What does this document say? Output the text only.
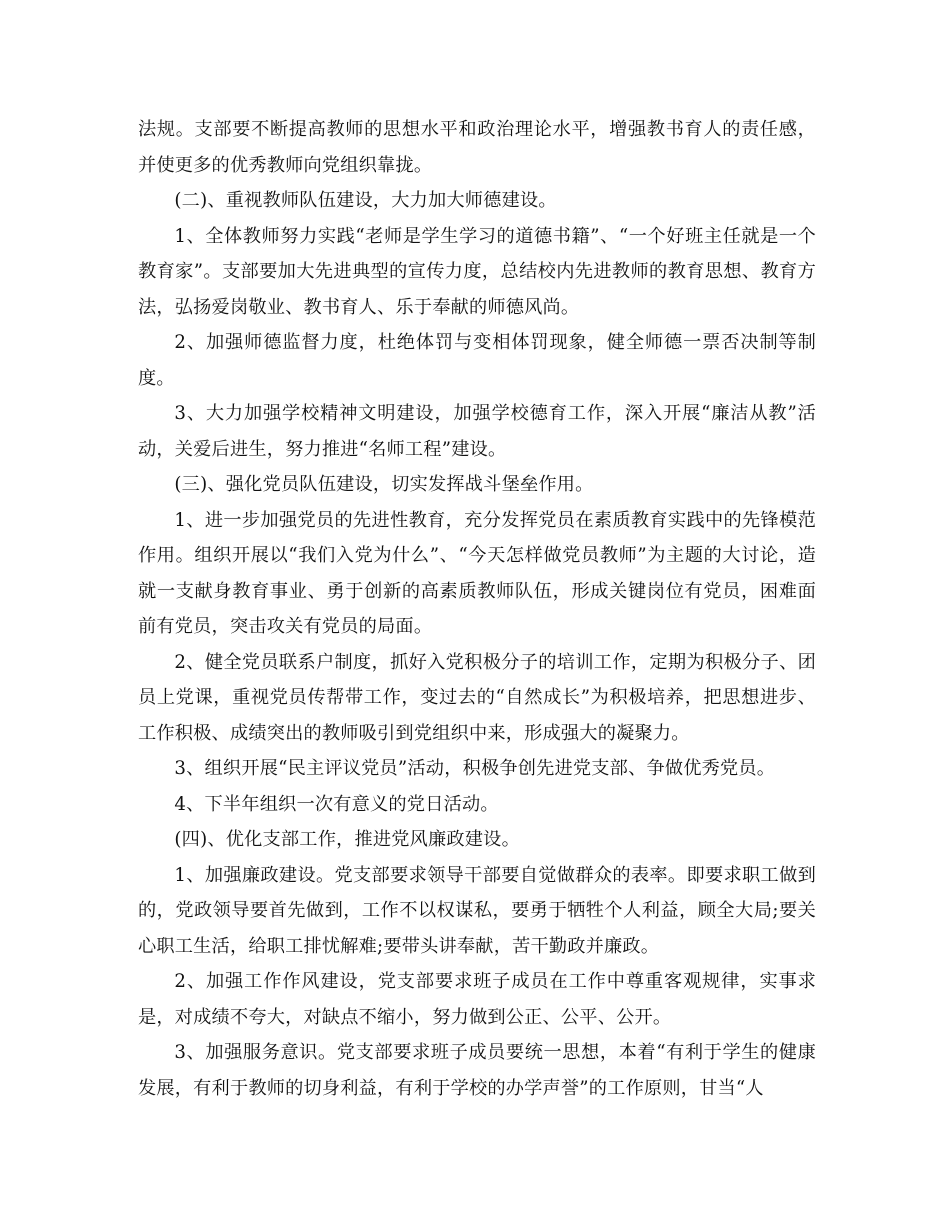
法规。支部要不断提高教师的思想水平和政治理论水平，增强教书育人的责任感，并使更多的优秀教师向党组织靠拢。

(二)、重视教师队伍建设，大力加大师德建设。

1、全体教师努力实践“老师是学生学习的道德书籍”、“一个好班主任就是一个教育家”。支部要加大先进典型的宣传力度，总结校内先进教师的教育思想、教育方法，弘扬爱岗敬业、教书育人、乐于奉献的师德风尚。

2、加强师德监督力度，杜绝体罚与变相体罚现象，健全师德一票否决制等制度。

3、大力加强学校精神文明建设，加强学校德育工作，深入开展“廉洁从教”活动，关爱后进生，努力推进“名师工程”建设。

(三)、强化党员队伍建设，切实发挥战斗堡垒作用。

1、进一步加强党员的先进性教育，充分发挥党员在素质教育实践中的先锋模范作用。组织开展以“我们入党为什么”、“今天怎样做党员教师”为主题的大讨论，造就一支献身教育事业、勇于创新的高素质教师队伍，形成关键岗位有党员，困难面前有党员，突击攻关有党员的局面。

2、健全党员联系户制度，抓好入党积极分子的培训工作，定期为积极分子、团员上党课，重视党员传帮带工作，变过去的“自然成长”为积极培养，把思想进步、工作积极、成绩突出的教师吸引到党组织中来，形成强大的凝聚力。

3、组织开展“民主评议党员”活动，积极争创先进党支部、争做优秀党员。

4、下半年组织一次有意义的党日活动。

(四)、优化支部工作，推进党风廉政建设。

1、加强廉政建设。党支部要求领导干部要自觉做群众的表率。即要求职工做到的，党政领导要首先做到，工作不以权谋私，要勇于牺牲个人利益，顾全大局;要关心职工生活，给职工排忧解难;要带头讲奉献，苦干勤政并廉政。

2、加强工作作风建设，党支部要求班子成员在工作中尊重客观规律，实事求是，对成绩不夸大，对缺点不缩小，努力做到公正、公平、公开。

3、加强服务意识。党支部要求班子成员要统一思想，本着“有利于学生的健康发展，有利于教师的切身利益，有利于学校的办学声誉”的工作原则，甘当“人
